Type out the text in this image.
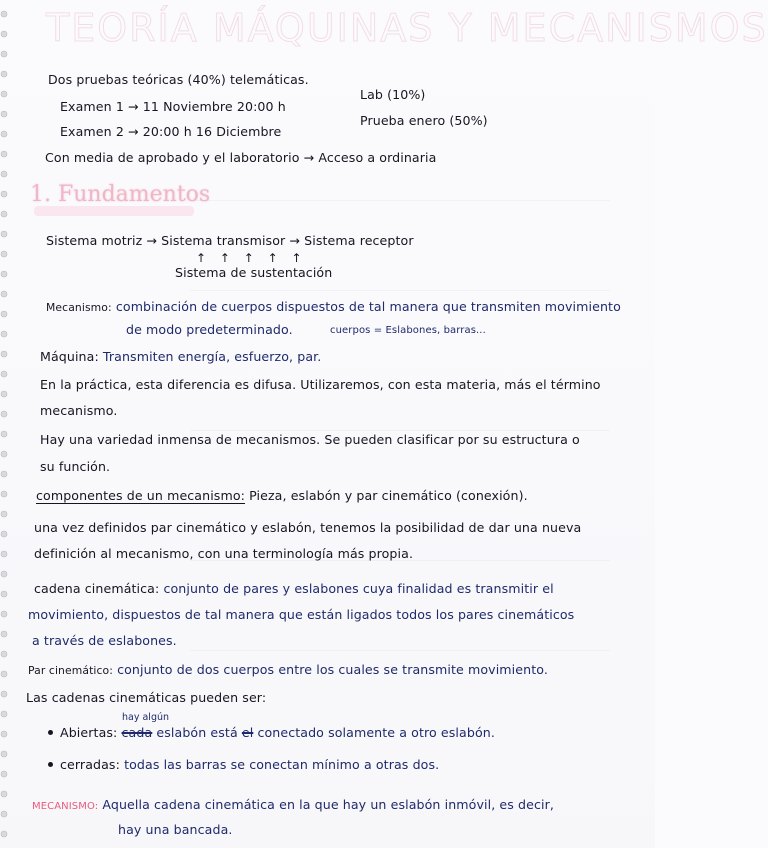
TEORÍA MÁQUINAS Y MECANISMOS
Dos pruebas teóricas (40%) telemáticas.
Lab (10%)
Examen 1 → 11 Noviembre 20:00 h
Prueba enero (50%)
Examen 2 → 20:00 h 16 Diciembre
Con media de aprobado y el laboratorio → Acceso a ordinaria
1. Fundamentos
Sistema motriz → Sistema transmisor → Sistema receptor
↑ ↑ ↑ ↑ ↑
Sistema de sustentación
Mecanismo: combinación de cuerpos dispuestos de tal manera que transmiten movimiento
de modo predeterminado.	cuerpos = Eslabones, barras...
Máquina: Transmiten energía, esfuerzo, par.
En la práctica, esta diferencia es difusa. Utilizaremos, con esta materia, más el término
mecanismo.
Hay una variedad inmensa de mecanismos. Se pueden clasificar por su estructura o
su función.
componentes de un mecanismo: Pieza, eslabón y par cinemático (conexión).
una vez definidos par cinemático y eslabón, tenemos la posibilidad de dar una nueva
definición al mecanismo, con una terminología más propia.
cadena cinemática: conjunto de pares y eslabones cuya finalidad es transmitir el
movimiento, dispuestos de tal manera que están ligados todos los pares cinemáticos
a través de eslabones.
Par cinemático: conjunto de dos cuerpos entre los cuales se transmite movimiento.
Las cadenas cinemáticas pueden ser:
hay algún
Abiertas: cada eslabón está el conectado solamente a otro eslabón.
cerradas: todas las barras se conectan mínimo a otras dos.
MECANISMO: Aquella cadena cinemática en la que hay un eslabón inmóvil, es decir,
hay una bancada.
